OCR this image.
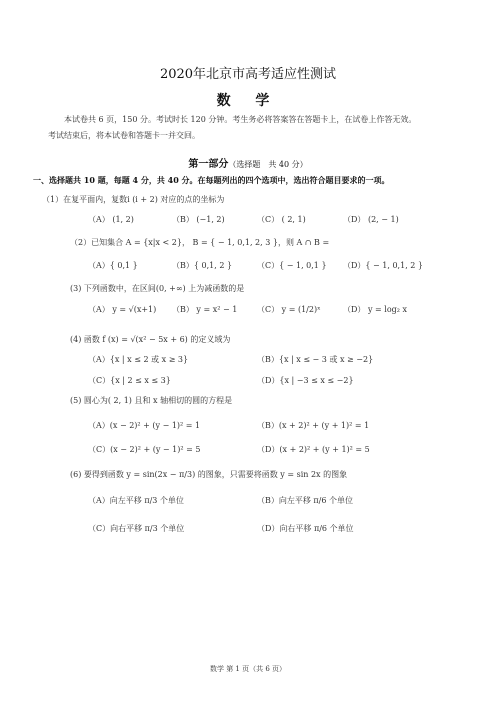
2020年北京市高考适应性测试
数 学
本试卷共 6 页，150 分。考试时长 120 分钟。考生务必将答案答在答题卡上，在试卷上作答无效。
考试结束后，将本试卷和答题卡一并交回。
第一部分（选择题　共 40 分）
一、选择题共 10 题，每题 4 分，共 40 分。在每题列出的四个选项中，选出符合题目要求的一项。
（1）在复平面内，复数i (i + 2) 对应的点的坐标为
（A） (1, 2)	（B） (−1, 2)	（C） ( 2, 1)	（D） (2, − 1)
（2）已知集合 A = {x|x < 2}， B = { − 1, 0,1, 2, 3 }，则 A ∩ B =
（A）{ 0,1 }	（B）{ 0,1, 2 }	（C）{ − 1, 0,1 } （D）{ − 1, 0,1, 2 }
(3) 下列函数中，在区间(0, +∞) 上为减函数的是
（A） y = √(x+1) （B） y = x² − 1 （C） y = (1/2)ˣ	（D） y = log₂ x
(4) 函数 f (x) = √(x² − 5x + 6) 的定义域为
（A）{x | x ≤ 2 或 x ≥ 3}	（B）{x | x ≤ − 3 或 x ≥ −2}
（C）{x | 2 ≤ x ≤ 3}	（D）{x | −3 ≤ x ≤ −2}
(5) 圆心为( 2, 1) 且和 x 轴相切的圆的方程是
（A）(x − 2)² + (y − 1)² = 1	（B）(x + 2)² + (y + 1)² = 1
（C）(x − 2)² + (y − 1)² = 5	（D）(x + 2)² + (y + 1)² = 5
(6) 要得到函数 y = sin(2x − π/3) 的图象，只需要将函数 y = sin 2x 的图象
（A）向左平移 π/3 个单位	（B）向左平移 π/6 个单位
（C）向右平移 π/3 个单位	（D）向右平移 π/6 个单位
数学 第 1 页（共 6 页）
